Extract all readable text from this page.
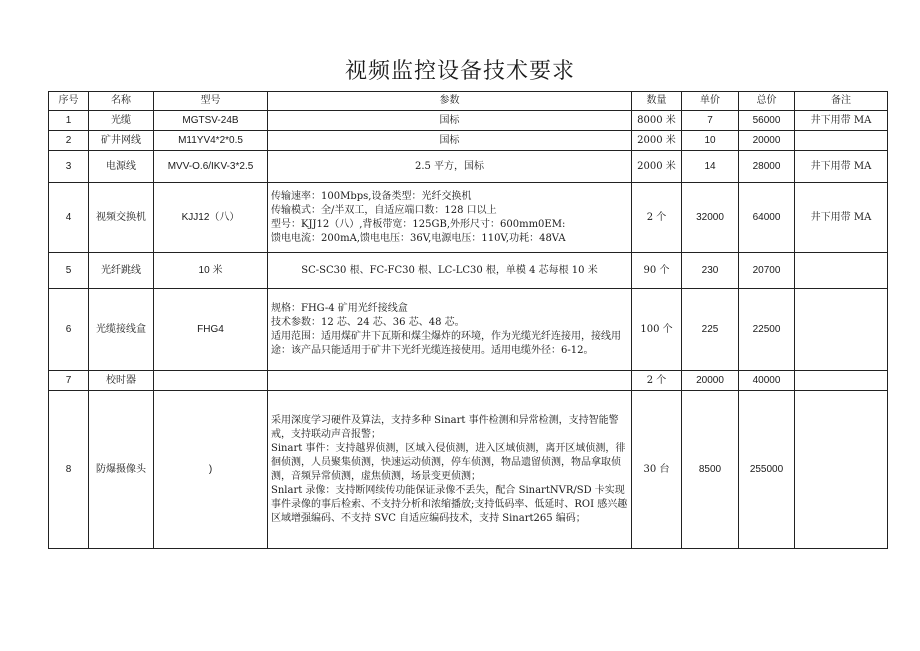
视频监控设备技术要求
序号	名称	型号	参数	数量	单价	总价	备注
1	光缆	MGTSV-24B	国标	8000 米	7	56000	井下用带 MA
2	矿井网线	M11YV4*2*0.5	国标	2000 米	10	20000	
3	电源线	MVV-O.6/IKV-3*2.5	2.5 平方，国标	2000 米	14	28000	井下用带 MA
4	视频交换机	KJJ12（八）	传输速率：100Mbps,设备类型：光纤交换机

传输模式：全/半双工，自适应端口数：128 口以上

型号：KJJ12（八）,背板带宽：125GB,外形尺寸：600mm0EM:

馈电电流：200mA,馈电电压：36V,电源电压：110V,功耗：48VA	2 个	32000	64000	井下用带 MA
5	光纤跳线	10 米	SC-SC30 根、FC-FC30 根、LC-LC30 根，单模 4 芯每根 10 米	90 个	230	20700	
6	光缆接线盒	FHG4	规格：FHG-4 矿用光纤接线盒

技术参数：12 芯、24 芯、36 芯、48 芯。

适用范围：适用煤矿井下瓦斯和煤尘爆炸的环境，作为光缆光纤连接用，接线用途：该产品只能适用于矿井下光纤光缆连接使用。适用电缆外径：6-12。	100 个	225	22500	
7	校时器			2 个	20000	40000	
8	防爆摄像头	)	采用深度学习硬件及算法，支持多种 Sinart 事件检测和异常检测，支持智能警戒，支持联动声音报警；

Sinart 事件：支持越界侦测，区域入侵侦测，进入区域侦测，离开区域侦测，徘徊侦测，人员聚集侦测，快速运动侦测，停车侦测，物品遗留侦测，物品拿取侦测，音频异常侦测，虚焦侦测，场景变更侦测；

Snlart 录像：支持断网续传功能保证录像不丢失，配合 SinartNVR/SD 卡实现事件录像的事后检索、不支持分析和浓缩播放;支持低码率、低延时、ROI 感兴趣区域增强编码、不支持 SVC 自适应编码技术，支持 Sinart265 编码；	30 台	8500	255000	
